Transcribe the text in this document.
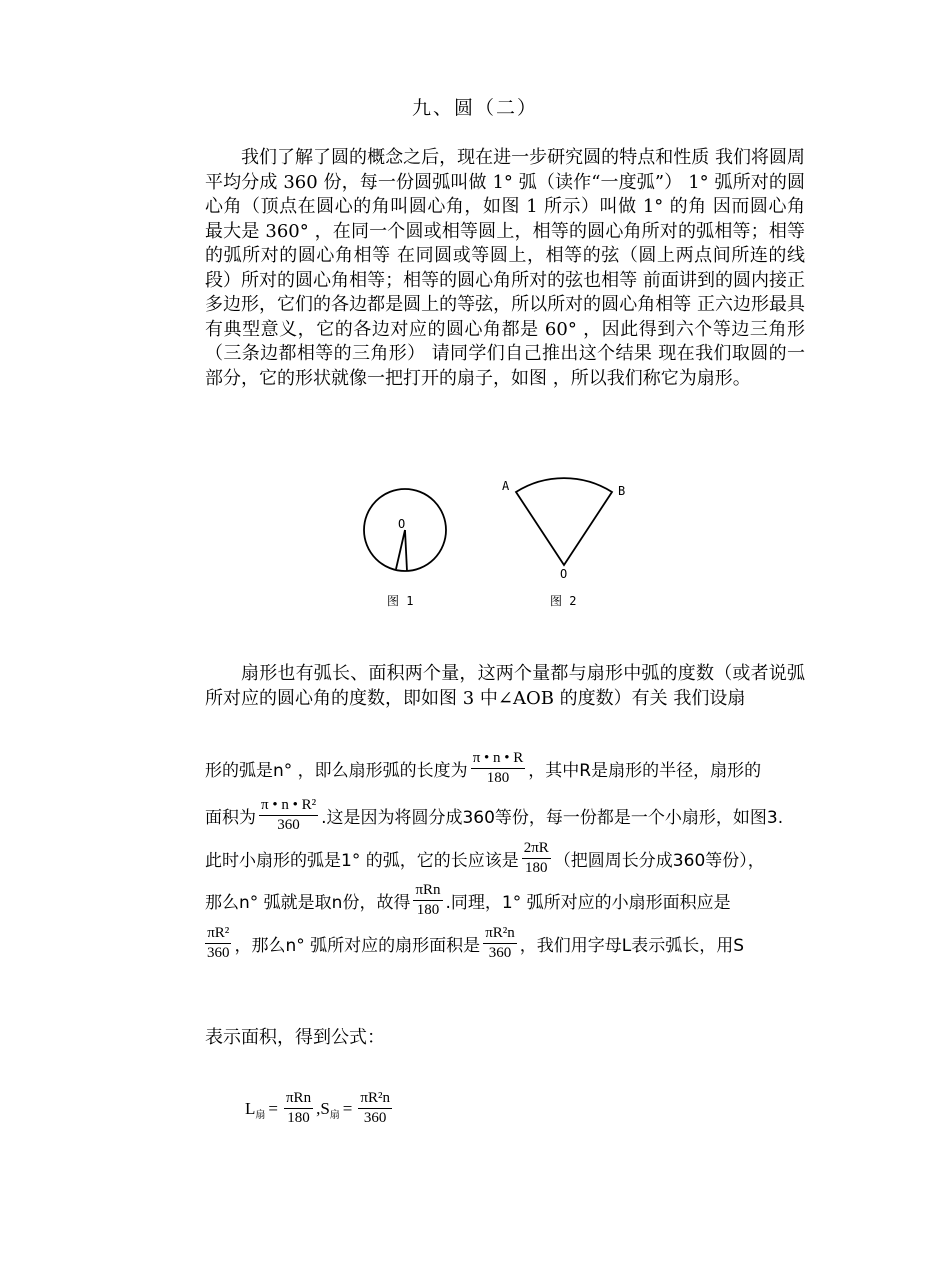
九、圆（二）

我们了解了圆的概念之后，现在进一步研究圆的特点和性质 我们将圆周平均分成 360 份，每一份圆弧叫做 1° 弧（读作“一度弧”） 1° 弧所对的圆心角（顶点在圆心的角叫圆心角，如图 1 所示）叫做 1° 的角 因而圆心角最大是 360° ，在同一个圆或相等圆上，相等的圆心角所对的弧相等；相等的弧所对的圆心角相等 在同圆或等圆上，相等的弦（圆上两点间所连的线段）所对的圆心角相等；相等的圆心角所对的弦也相等 前面讲到的圆内接正多边形，它们的各边都是圆上的等弦，所以所对的圆心角相等 正六边形最具有典型意义，它的各边对应的圆心角都是 60° ，因此得到六个等边三角形（三条边都相等的三角形） 请同学们自己推出这个结果 现在我们取圆的一部分，它的形状就像一把打开的扇子，如图 ，所以我们称它为扇形。

O
图 1
A	B
O
图 2

扇形也有弧长、面积两个量，这两个量都与扇形中弧的度数（或者说弧所对应的圆心角的度数，即如图 3 中∠AOB 的度数）有关 我们设扇

形的弧是n° ，即么扇形弧的长度为 $\frac{\pi • n • R}{180}$ ，其中R是扇形的半径，扇形的
面积为 $\frac{\text{π • n • R²}}{360}$ .这是因为将圆分成360等份，每一份都是一个小扇形，如图3.
此时小扇形的弧是1° 的弧，它的长应该是 $\frac{2\pi R}{180}$ （把圆周长分成360等份），
那么n° 弧就是取n份，故得 $\frac{\text{πRn}}{180}$ .同理，1° 弧所对应的小扇形面积应是
$\frac{\text{πR²}}{360}$ ，那么n° 弧所对应的扇形面积是 $\frac{\text{πR²n}}{360}$ ，我们用字母L表示弧长，用S
表示面积，得到公式：
L 扇 = $\frac{\text{πRn}}{180}$ , S 扇 = $\frac{\text{πR²n}}{360}$
